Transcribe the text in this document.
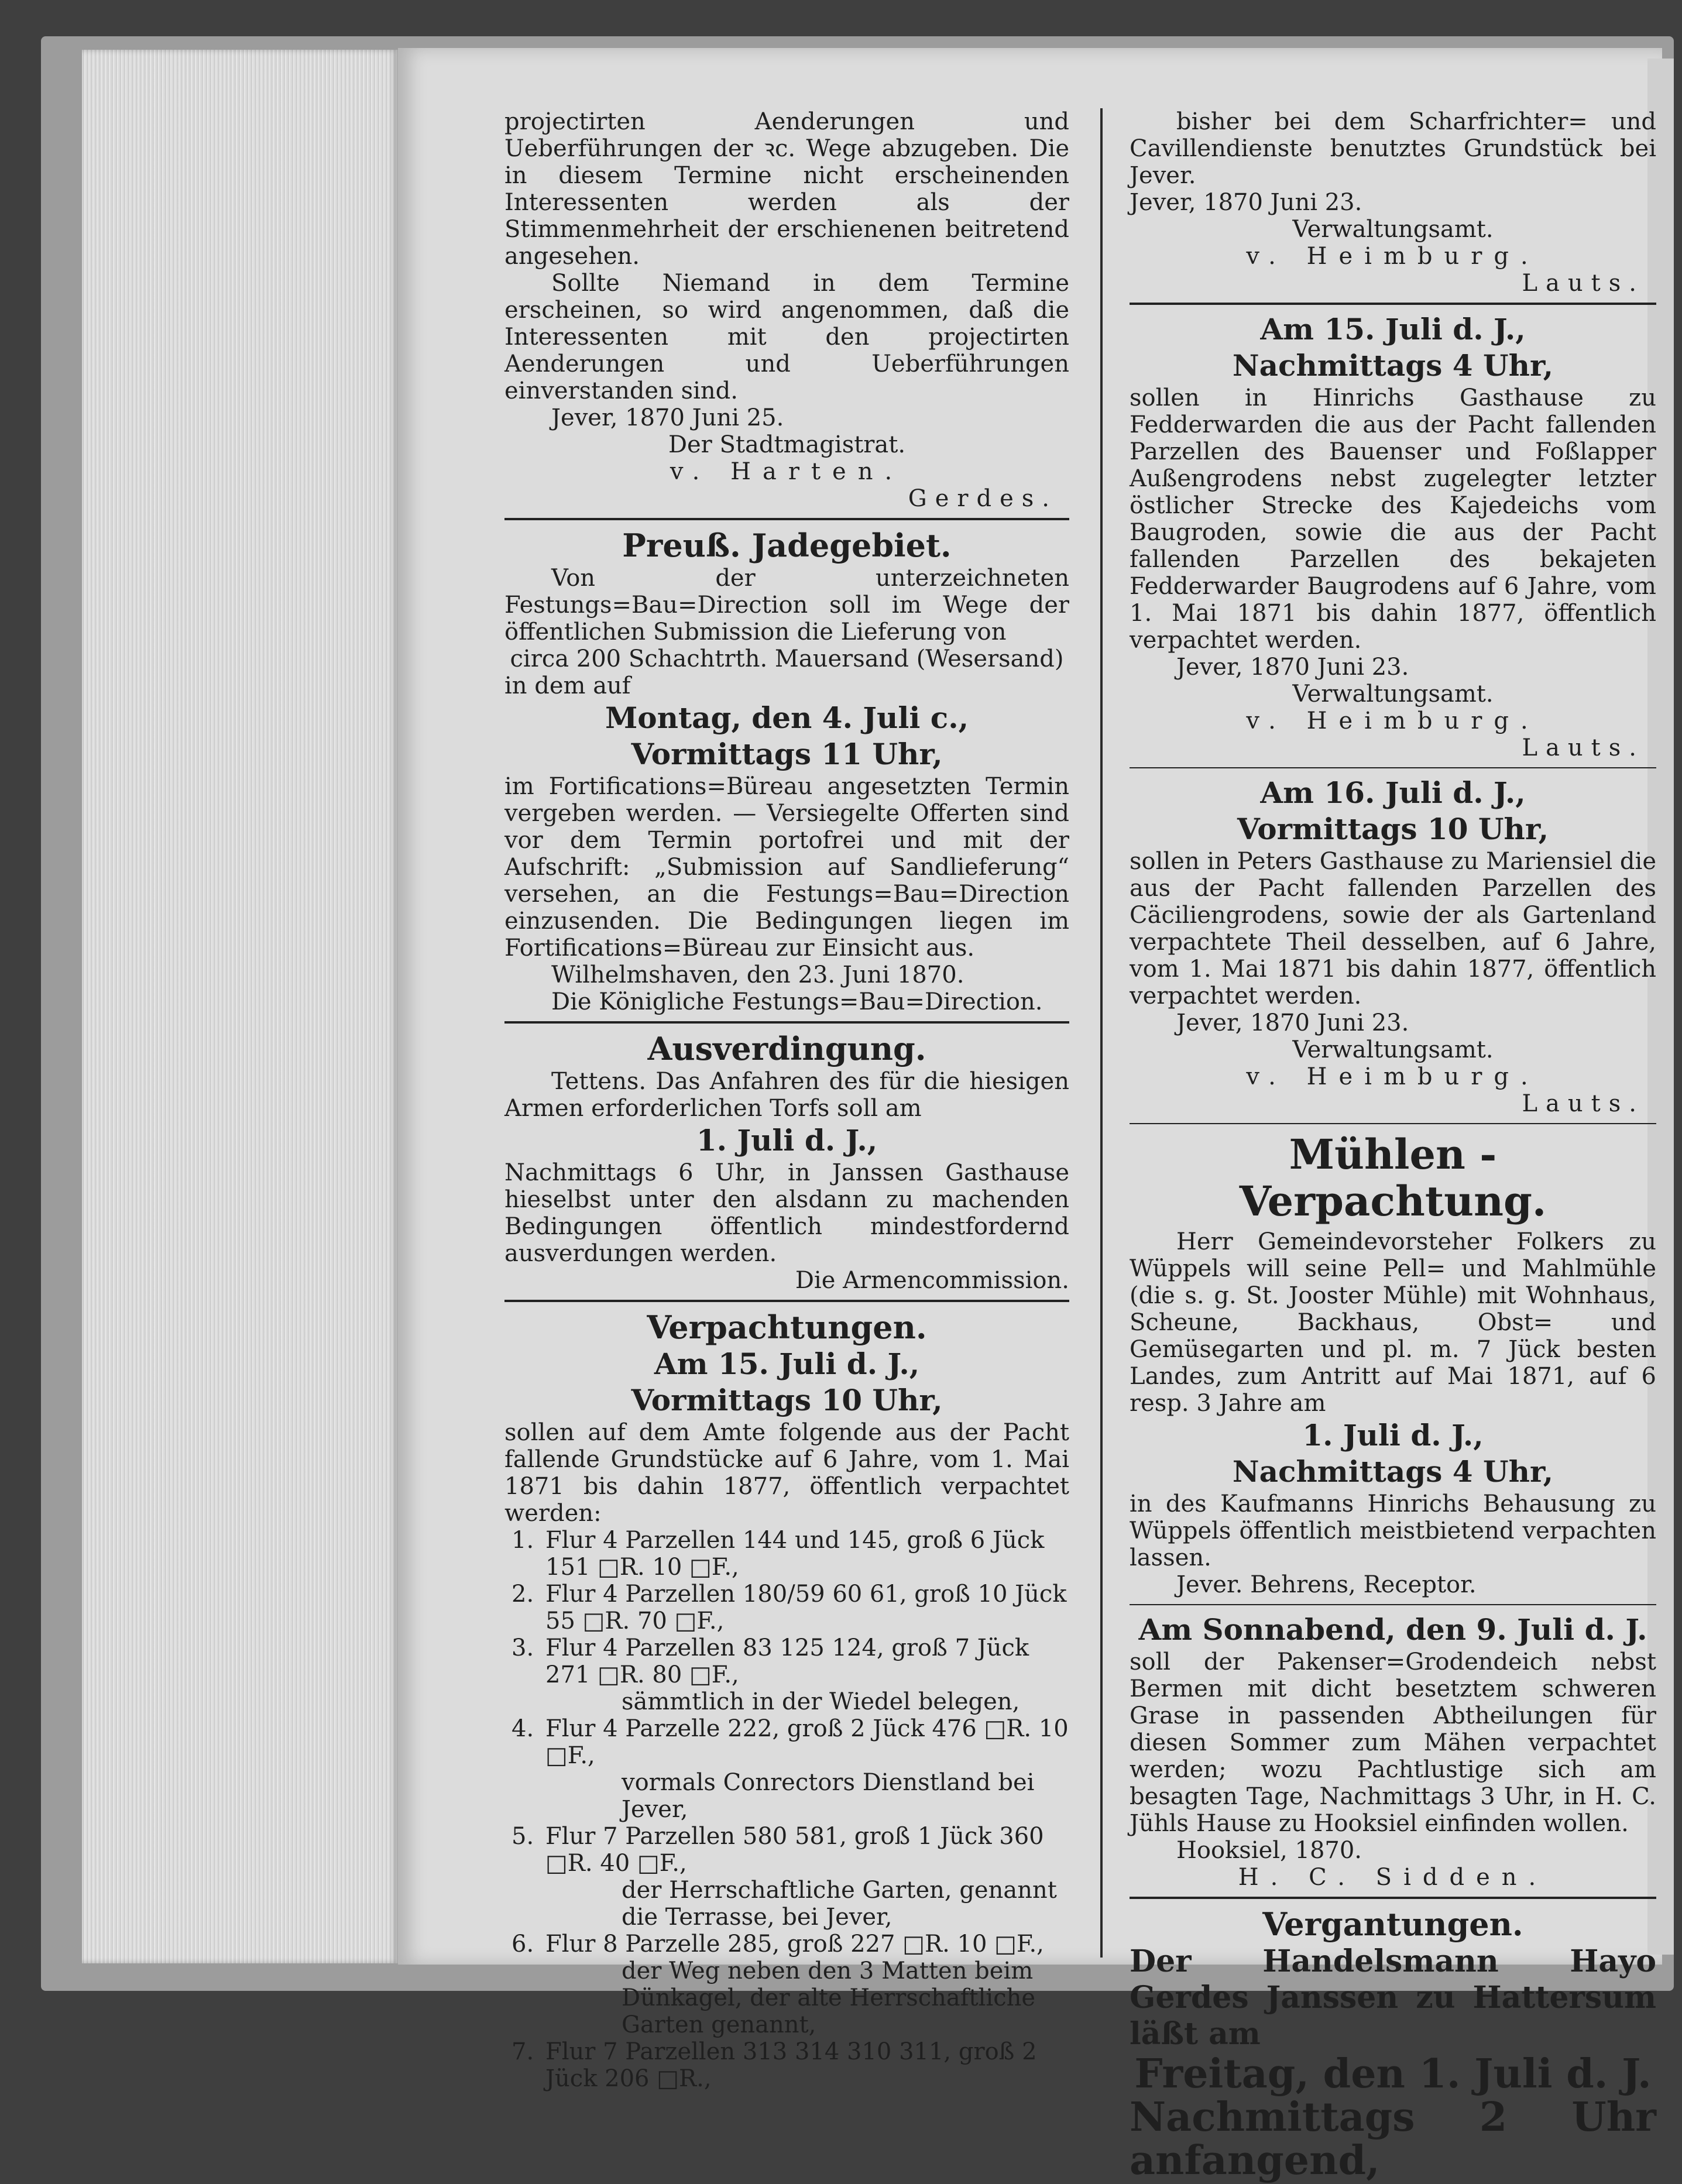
projectirten Aenderungen und Ueberführungen der ꝛc. Wege abzugeben. Die in diesem Termine nicht erscheinenden Interessenten werden als der Stimmenmehrheit der erschienenen beitretend angesehen.

Sollte Niemand in dem Termine erscheinen, so wird angenommen, daß die Interessenten mit den projectirten Aenderungen und Ueberführungen einverstanden sind.

Jever, 1870 Juni 25.

Der Stadtmagistrat.

v. Harten.

Gerdes.

Preuß. Jadegebiet.

Von der unterzeichneten Festungs=Bau=Direction soll im Wege der öffentlichen Submission die Lieferung von

circa 200 Schachtrth. Mauersand (Wesersand)

in dem auf

Montag, den 4. Juli c.,
Vormittags 11 Uhr,

im Fortifications=Büreau angesetzten Termin vergeben werden. — Versiegelte Offerten sind vor dem Termin portofrei und mit der Aufschrift: „Submission auf Sandlieferung“ versehen, an die Festungs=Bau=Direction einzusenden. Die Bedingungen liegen im Fortifications=Büreau zur Einsicht aus.

Wilhelmshaven, den 23. Juni 1870.

Die Königliche Festungs=Bau=Direction.

Ausverdingung.

Tettens. Das Anfahren des für die hiesigen Armen erforderlichen Torfs soll am

1. Juli d. J.,

Nachmittags 6 Uhr, in Janssen Gasthause hieselbst unter den alsdann zu machenden Bedingungen öffentlich mindestfordernd ausverdungen werden.

Die Armencommission.

Verpachtungen.
Am 15. Juli d. J.,
Vormittags 10 Uhr,

sollen auf dem Amte folgende aus der Pacht fallende Grundstücke auf 6 Jahre, vom 1. Mai 1871 bis dahin 1877, öffentlich verpachtet werden:

1. Flur 4 Parzellen 144 und 145, groß 6 Jück 151 □R. 10 □F.,
2. Flur 4 Parzellen 180/59 60 61, groß 10 Jück 55 □R. 70 □F.,
3. Flur 4 Parzellen 83 125 124, groß 7 Jück 271 □R. 80 □F.,
sämmtlich in der Wiedel belegen,
4. Flur 4 Parzelle 222, groß 2 Jück 476 □R. 10 □F.,
vormals Conrectors Dienstland bei Jever,
5. Flur 7 Parzellen 580 581, groß 1 Jück 360 □R. 40 □F.,
der Herrschaftliche Garten, genannt die Terrasse, bei Jever,
6. Flur 8 Parzelle 285, groß 227 □R. 10 □F.,
der Weg neben den 3 Matten beim Dünkagel, der alte Herrschaftliche Garten genannt,
7. Flur 7 Parzellen 313 314 310 311, groß 2 Jück 206 □R.,

bisher bei dem Scharfrichter= und Cavillendienste benutztes Grundstück bei Jever.

Jever, 1870 Juni 23.

Verwaltungsamt.

v. Heimburg.

Lauts.

Am 15. Juli d. J.,
Nachmittags 4 Uhr,

sollen in Hinrichs Gasthause zu Fedderwarden die aus der Pacht fallenden Parzellen des Bauenser und Foßlapper Außengrodens nebst zugelegter letzter östlicher Strecke des Kajedeichs vom Baugroden, sowie die aus der Pacht fallenden Parzellen des bekajeten Fedderwarder Baugrodens auf 6 Jahre, vom 1. Mai 1871 bis dahin 1877, öffentlich verpachtet werden.

Jever, 1870 Juni 23.

Verwaltungsamt.

v. Heimburg.

Lauts.

Am 16. Juli d. J.,
Vormittags 10 Uhr,

sollen in Peters Gasthause zu Mariensiel die aus der Pacht fallenden Parzellen des Cäciliengrodens, sowie der als Gartenland verpachtete Theil desselben, auf 6 Jahre, vom 1. Mai 1871 bis dahin 1877, öffentlich verpachtet werden.

Jever, 1870 Juni 23.

Verwaltungsamt.

v. Heimburg.

Lauts.

Mühlen - Verpachtung.

Herr Gemeindevorsteher Folkers zu Wüppels will seine Pell= und Mahlmühle (die s. g. St. Jooster Mühle) mit Wohnhaus, Scheune, Backhaus, Obst= und Gemüsegarten und pl. m. 7 Jück besten Landes, zum Antritt auf Mai 1871, auf 6 resp. 3 Jahre am

1. Juli d. J.,
Nachmittags 4 Uhr,

in des Kaufmanns Hinrichs Behausung zu Wüppels öffentlich meistbietend verpachten lassen.

Jever. Behrens, Receptor.

Am Sonnabend, den 9. Juli d. J.

soll der Pakenser=Grodendeich nebst Bermen mit dicht besetztem schweren Grase in passenden Abtheilungen für diesen Sommer zum Mähen verpachtet werden; wozu Pachtlustige sich am besagten Tage, Nachmittags 3 Uhr, in H. C. Jühls Hause zu Hooksiel einfinden wollen.

Hooksiel, 1870.

H. C. Sidden.

Vergantungen.

Der Handelsmann Hayo Gerdes Janssen zu Hattersum läßt am

Freitag, den 1. Juli d. J.

Nachmittags 2 Uhr anfangend,
